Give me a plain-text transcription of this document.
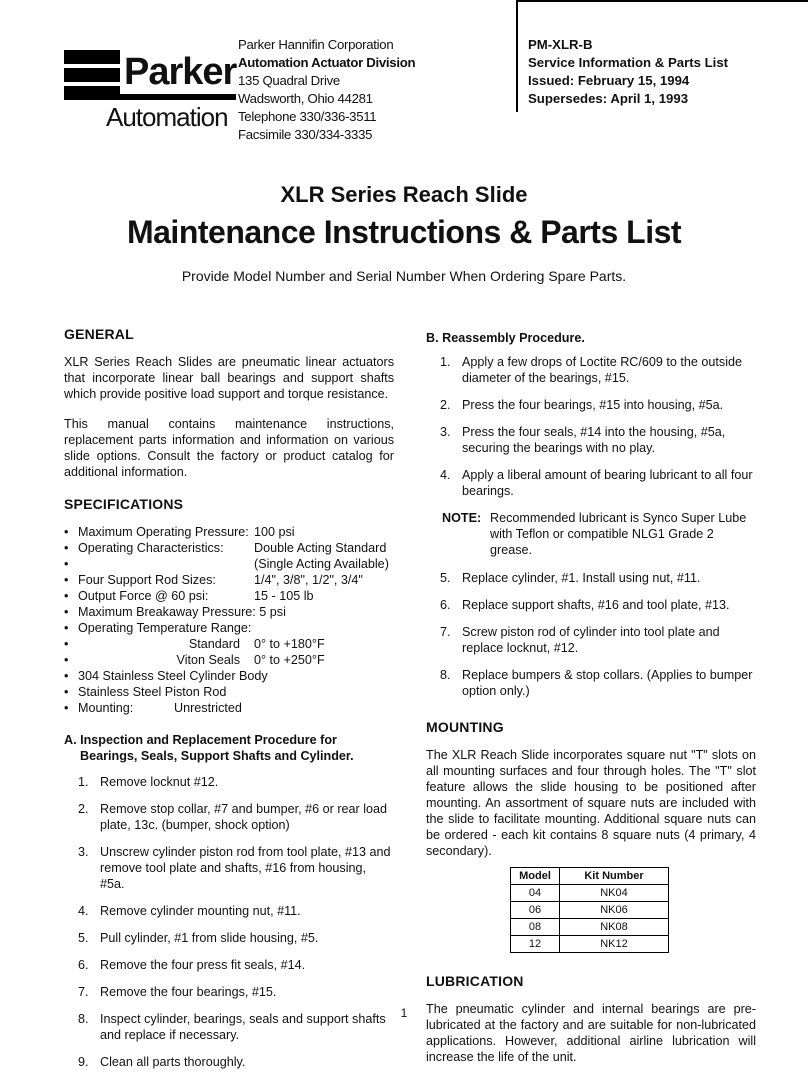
Parker
Automation
Parker Hannifin Corporation
Automation Actuator Division
135 Quadral Drive
Wadsworth, Ohio 44281
Telephone 330/336-3511
Facsimile 330/334-3335
PM-XLR-B
Service Information & Parts List
Issued: February 15, 1994
Supersedes: April 1, 1993
XLR Series Reach Slide
Maintenance Instructions & Parts List
Provide Model Number and Serial Number When Ordering Spare Parts.
GENERAL

XLR Series Reach Slides are pneumatic linear actuators that incorporate linear ball bearings and support shafts which provide positive load support and torque resistance.

This manual contains maintenance instructions, replacement parts information and information on various slide options. Consult the factory or product catalog for additional information.

SPECIFICATIONS
• Maximum Operating Pressure: 100 psi
• Operating Characteristics: Double Acting Standard
• (Single Acting Available)
• Four Support Rod Sizes:	1/4", 3/8", 1/2", 3/4"
• Output Force @ 60 psi:	15 - 105 lb
• Maximum Breakaway Pressure: 5 psi
• Operating Temperature Range:
• Standard 0° to +180°F
• Viton Seals 0° to +250°F
• 304 Stainless Steel Cylinder Body
• Stainless Steel Piston Rod
• Mounting:	Unrestricted
A. Inspection and Replacement Procedure for Bearings, Seals, Support Shafts and Cylinder.
1. Remove locknut #12.
2. Remove stop collar, #7 and bumper, #6 or rear load plate, 13c. (bumper, shock option)
3. Unscrew cylinder piston rod from tool plate, #13 and remove tool plate and shafts, #16 from housing, #5a.
4. Remove cylinder mounting nut, #11.
5. Pull cylinder, #1 from slide housing, #5.
6. Remove the four press fit seals, #14.
7. Remove the four bearings, #15.
8. Inspect cylinder, bearings, seals and support shafts and replace if necessary.
9. Clean all parts thoroughly.
B. Reassembly Procedure.
1. Apply a few drops of Loctite RC/609 to the outside diameter of the bearings, #15.
2. Press the four bearings, #15 into housing, #5a.
3. Press the four seals, #14 into the housing, #5a, securing the bearings with no play.
4. Apply a liberal amount of bearing lubricant to all four bearings.
NOTE: Recommended lubricant is Synco Super Lube with Teflon or compatible NLG1 Grade 2 grease.
5. Replace cylinder, #1. Install using nut, #11.
6. Replace support shafts, #16 and tool plate, #13.
7. Screw piston rod of cylinder into tool plate and replace locknut, #12.
8. Replace bumpers & stop collars. (Applies to bumper option only.)
MOUNTING

The XLR Reach Slide incorporates square nut "T" slots on all mounting surfaces and four through holes. The "T" slot feature allows the slide housing to be positioned after mounting. An assortment of square nuts are included with the slide to facilitate mounting. Additional square nuts can be ordered - each kit contains 8 square nuts (4 primary, 4 secondary).

Model	Kit Number
04	NK04
06	NK06
08	NK08
12	NK12
LUBRICATION

The pneumatic cylinder and internal bearings are pre-lubricated at the factory and are suitable for non-lubricated applications. However, additional airline lubrication will increase the life of the unit.

1
